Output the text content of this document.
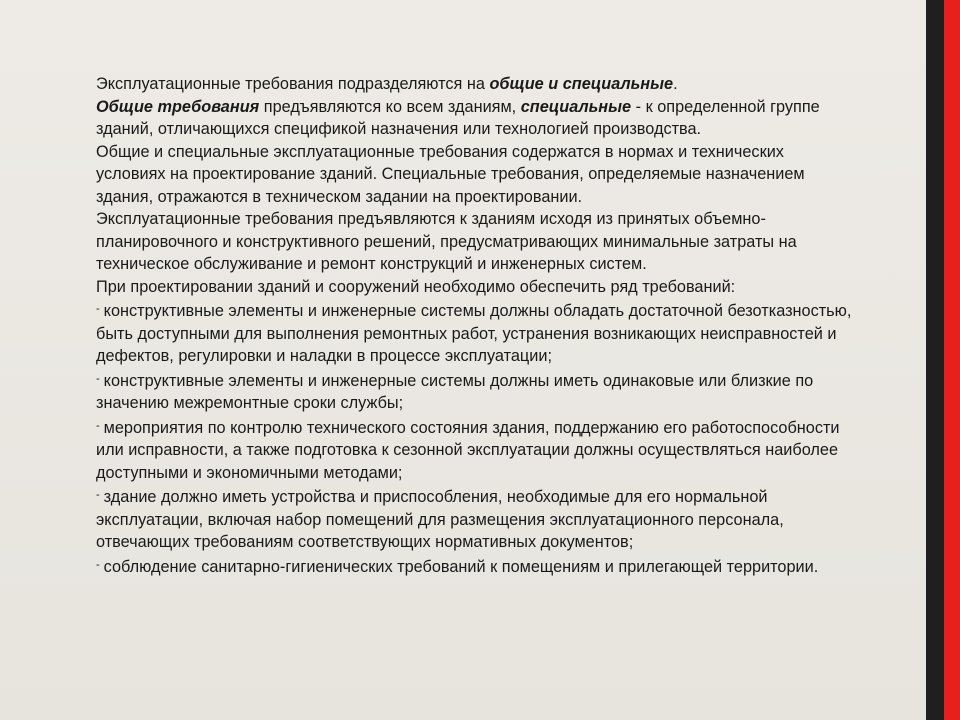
Эксплуатационные требования подразделяются на общие и специальные.

Общие требования предъявляются ко всем зданиям, специальные - к определенной группе зданий, отличающихся спецификой назначения или технологией производства.

Общие и специальные эксплуатационные требования содержатся в нормах и технических условиях на проектирование зданий. Специальные требования, определяемые назначением здания, отражаются в техническом задании на проектировании.

Эксплуатационные требования предъявляются к зданиям исходя из принятых объемно-планировочного и конструктивного решений, предусматривающих минимальные затраты на техническое обслуживание и ремонт конструкций и инженерных систем.

При проектировании зданий и сооружений необходимо обеспечить ряд требований:

- конструктивные элементы и инженерные системы должны обладать достаточной безотказностью, быть доступными для выполнения ремонтных работ, устранения возникающих неисправностей и дефектов, регулировки и наладки в процессе эксплуатации;

- конструктивные элементы и инженерные системы должны иметь одинаковые или близкие по значению межремонтные сроки службы;

- мероприятия по контролю технического состояния здания, поддержанию его работоспособности или исправности, а также подготовка к сезонной эксплуатации должны осуществляться наиболее доступными и экономичными методами;

- здание должно иметь устройства и приспособления, необходимые для его нормальной эксплуатации, включая набор помещений для размещения эксплуатационного персонала, отвечающих требованиям соответствующих нормативных документов;

- соблюдение санитарно-гигиенических требований к помещениям и прилегающей территории.
